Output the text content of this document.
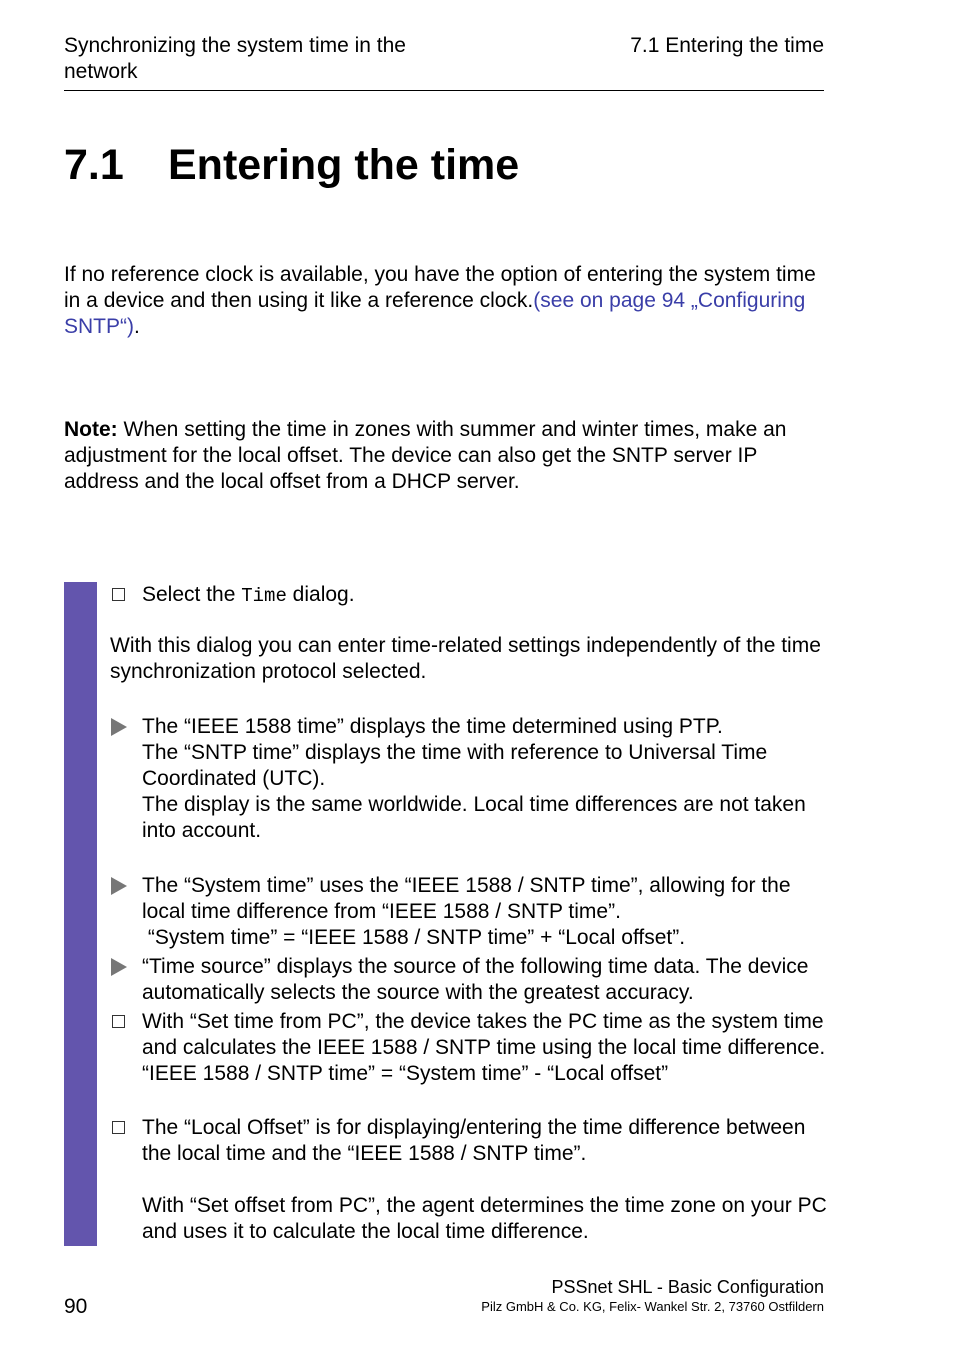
Synchronizing the system time in the network
7.1 Entering the time
7.1 Entering the time
If no reference clock is available, you have the option of entering the system time in a device and then using it like a reference clock.(see on page 94 „Configuring SNTP“).
Note: When setting the time in zones with summer and winter times, make an adjustment for the local offset. The device can also get the SNTP server IP address and the local offset from a DHCP server.
Select the Time dialog.
With this dialog you can enter time-related settings independently of the time synchronization protocol selected.
The “IEEE 1588 time” displays the time determined using PTP.
The “SNTP time” displays the time with reference to Universal Time Coordinated (UTC).
The display is the same worldwide. Local time differences are not taken into account.
The “System time” uses the “IEEE 1588 / SNTP time”, allowing for the local time difference from “IEEE 1588 / SNTP time”.
“System time” = “IEEE 1588 / SNTP time” + “Local offset”.
“Time source” displays the source of the following time data. The device automatically selects the source with the greatest accuracy.
With “Set time from PC”, the device takes the PC time as the system time and calculates the IEEE 1588 / SNTP time using the local time difference.
“IEEE 1588 / SNTP time” = “System time” - “Local offset”
The “Local Offset” is for displaying/entering the time difference between the local time and the “IEEE 1588 / SNTP time”.
With “Set offset from PC”, the agent determines the time zone on your PC and uses it to calculate the local time difference.
90
PSSnet SHL - Basic Configuration
Pilz GmbH & Co. KG, Felix- Wankel Str. 2, 73760 Ostfildern
